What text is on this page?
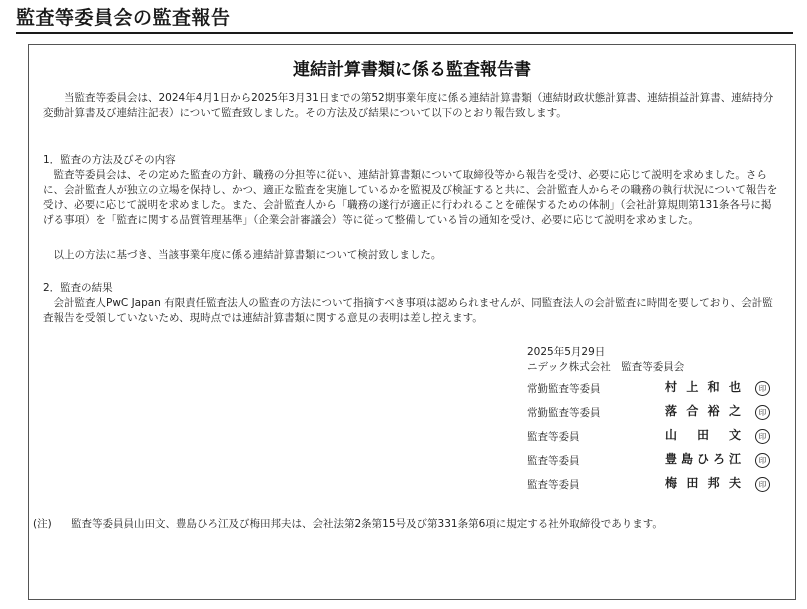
監査等委員会の監査報告
連結計算書類に係る監査報告書
当監査等委員会は、2024年4月1日から2025年3月31日までの第52期事業年度に係る連結計算書類（連結財政状態計算書、連結損益計算書、連結持分変動計算書及び連結注記表）について監査致しました。その方法及び結果について以下のとおり報告致します。
1．監査の方法及びその内容
監査等委員会は、その定めた監査の方針、職務の分担等に従い、連結計算書類について取締役等から報告を受け、必要に応じて説明を求めました。さらに、会計監査人が独立の立場を保持し、かつ、適正な監査を実施しているかを監視及び検証すると共に、会計監査人からその職務の執行状況について報告を受け、必要に応じて説明を求めました。また、会計監査人から「職務の遂行が適正に行われることを確保するための体制」（会社計算規則第131条各号に掲げる事項）を「監査に関する品質管理基準」（企業会計審議会）等に従って整備している旨の通知を受け、必要に応じて説明を求めました。
以上の方法に基づき、当該事業年度に係る連結計算書類について検討致しました。
2．監査の結果
会計監査人PwC Japan 有限責任監査法人の監査の方法について指摘すべき事項は認められませんが、同監査法人の会計監査に時間を要しており、会計監査報告を受領していないため、現時点では連結計算書類に関する意見の表明は差し控えます。
2025年5月29日
ニデック株式会社　監査等委員会
常勤監査等委員	村 上 和 也	印
常勤監査等委員	落 合 裕 之	印
監査等委員	山 田 文	印
監査等委員	豊 島 ひ ろ 江	印
監査等委員	梅 田 邦 夫	印
(注) 監査等委員員山田文、豊島ひろ江及び梅田邦夫は、会社法第2条第15号及び第331条第6項に規定する社外取締役であります。
